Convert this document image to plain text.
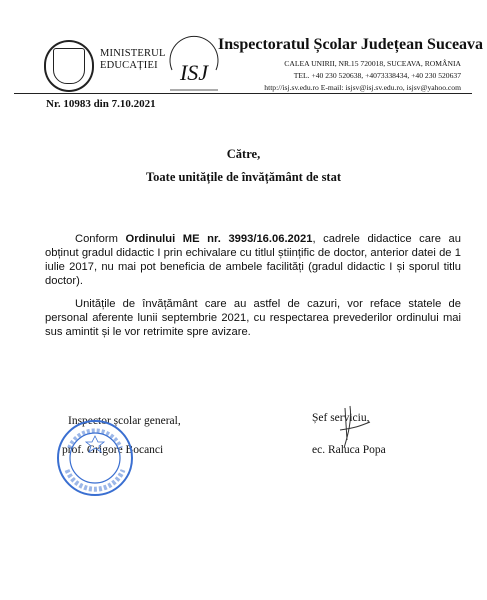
MINISTERUL
EDUCAȚIEI	ISJ
Inspectoratul Școlar Județean Suceava
CALEA UNIRII, NR.15 720018, SUCEAVA, ROMÂNIA
TEL. +40 230 520638, +4073338434, +40 230 520637
http://isj.sv.edu.ro E-mail: isjsv@isj.sv.edu.ro, isjsv@yahoo.com
Nr. 10983 din 7.10.2021
Către,
Toate unitățile de învățământ de stat
Conform Ordinului ME nr. 3993/16.06.2021, cadrele didactice care au obținut gradul didactic I prin echivalare cu titlul științific de doctor, anterior datei de 1 iulie 2017, nu mai pot beneficia de ambele facilități (gradul didactic I și sporul titlu doctor).
Unitățile de învățământ care au astfel de cazuri, vor reface statele de personal aferente lunii septembrie 2021, cu respectarea prevederilor ordinului mai sus amintit și le vor retrimite spre avizare.
Inspector școlar general,
prof. Grigore Bocanci
Șef serviciu,
ec. Raluca Popa
